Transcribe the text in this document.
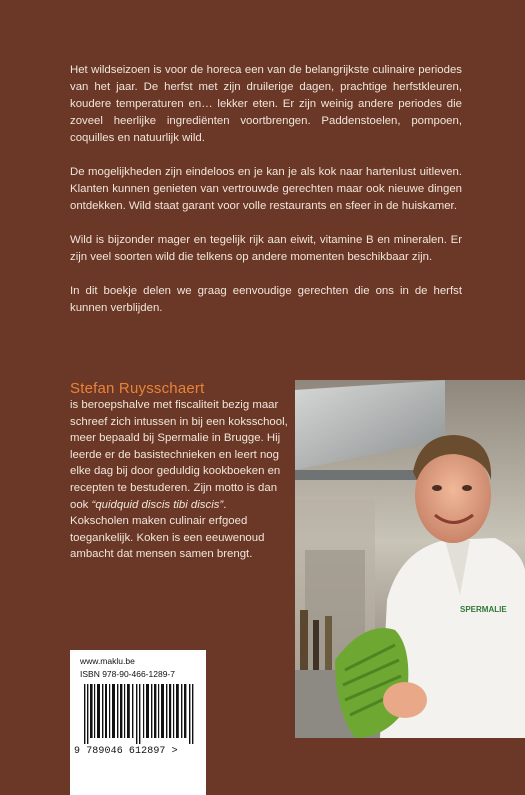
Het wildseizoen is voor de horeca een van de belangrijkste culinaire periodes van het jaar. De herfst met zijn druilerige dagen, prachtige herfstkleuren, koudere temperaturen en… lekker eten. Er zijn weinig andere periodes die zoveel heerlijke ingrediënten voortbrengen. Paddenstoelen, pompoen, coquilles en natuurlijk wild.

De mogelijkheden zijn eindeloos en je kan je als kok naar hartenlust uitleven. Klanten kunnen genieten van vertrouwde gerechten maar ook nieuwe dingen ontdekken. Wild staat garant voor volle restaurants en sfeer in de huiskamer.

Wild is bijzonder mager en tegelijk rijk aan eiwit, vitamine B en mineralen. Er zijn veel soorten wild die telkens op andere momenten beschikbaar zijn.

In dit boekje delen we graag eenvoudige gerechten die ons in de herfst kunnen verblijden.

Stefan Ruysschaert
is beroepshalve met fiscaliteit bezig maar schreef zich intussen in bij een koksschool, meer bepaald bij Spermalie in Brugge. Hij leerde er de basistechnieken en leert nog elke dag bij door geduldig kookboeken en recepten te bestuderen. Zijn motto is dan ook “quidquid discis tibi discis”. Kokscholen maken culinair erfgoed toegankelijk. Koken is een eeuwenoud ambacht dat mensen samen brengt.
SPERMALIE
www.maklu.be
ISBN 978-90-466-1289-7
9 789046 612897 >
